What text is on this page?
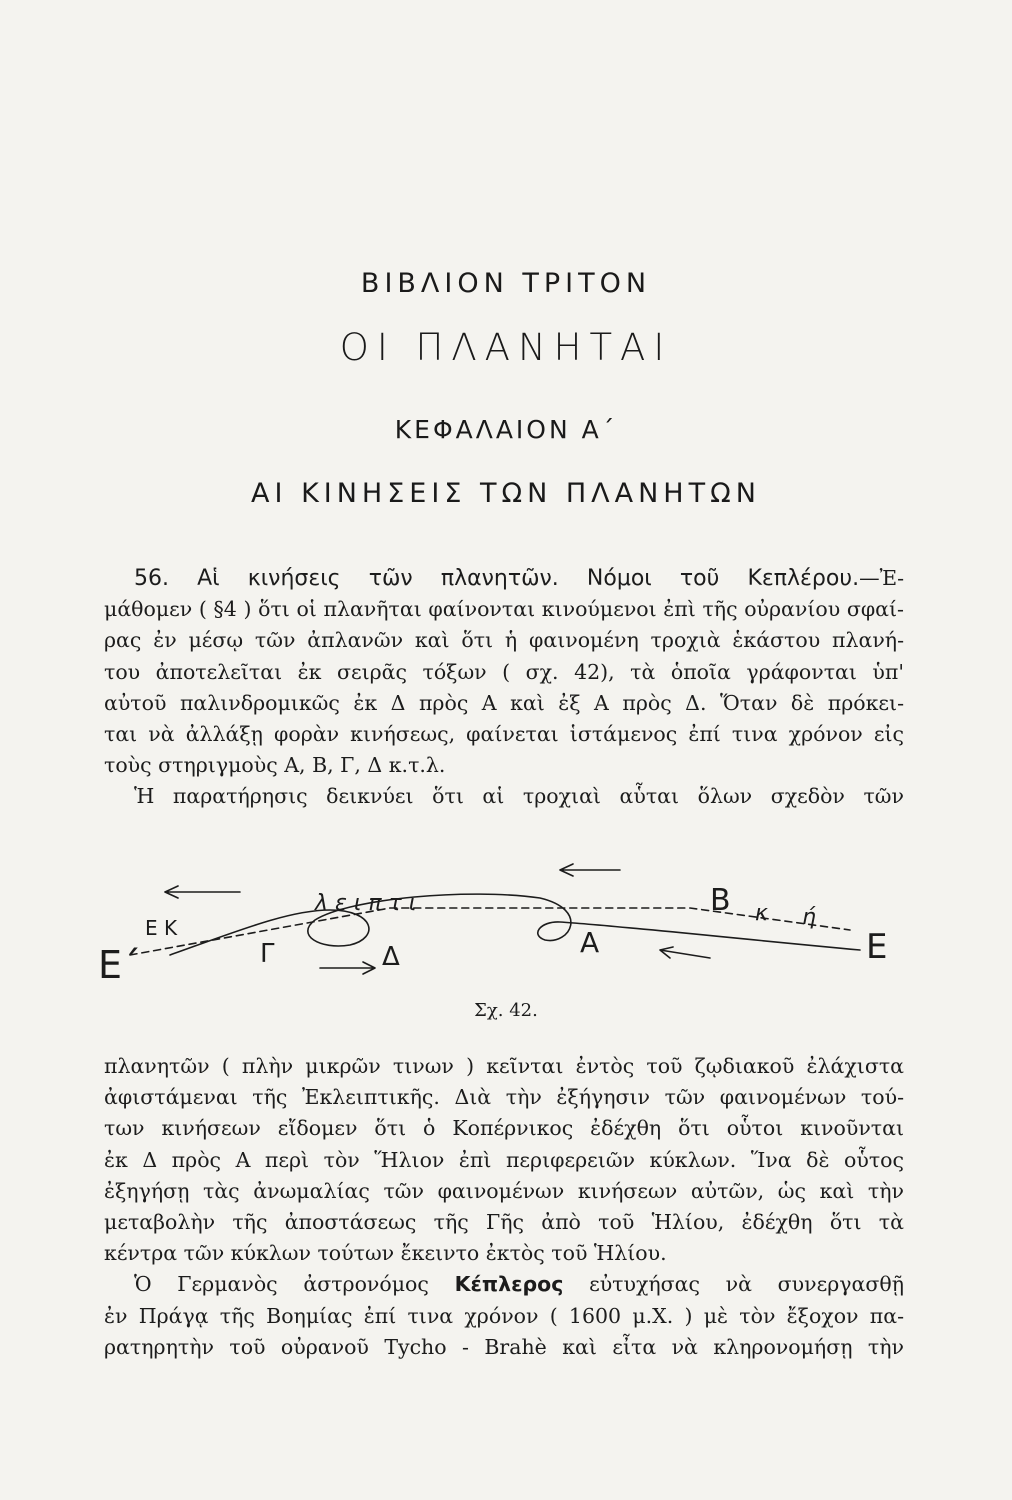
ΒΙΒΛΙΟΝ ΤΡΙΤΟΝ
ΟΙ ΠΛΑΝΗΤΑΙ
ΚΕΦΑΛΑΙΟΝ Α΄
ΑΙ ΚΙΝΗΣΕΙΣ ΤΩΝ ΠΛΑΝΗΤΩΝ
56. Αἱ κινήσεις τῶν πλανητῶν. Νόμοι τοῦ Κεπλέρου.—Ἐ-
μάθομεν ( §4 ) ὅτι οἱ πλανῆται φαίνονται κινούμενοι ἐπὶ τῆς οὐρανίου σφαί-
ρας ἐν μέσῳ τῶν ἀπλανῶν καὶ ὅτι ἡ φαινομένη τροχιὰ ἑκάστου πλανή-
του ἀποτελεῖται ἐκ σειρᾶς τόξων ( σχ. 42), τὰ ὁποῖα γράφονται ὑπ'
αὐτοῦ παλινδρομικῶς ἐκ Δ πρὸς Α καὶ ἐξ Α πρὸς Δ. Ὅταν δὲ πρόκει-
ται νὰ ἀλλάξῃ φορὰν κινήσεως, φαίνεται ἱστάμενος ἐπί τινα χρόνον εἰς
τοὺς στηριγμοὺς Α, Β, Γ, Δ κ.τ.λ.
Ἡ παρατήρησις δεικνύει ὅτι αἱ τροχιαὶ αὗται ὅλων σχεδὸν τῶν
Ε΄
Ε Κ
λ ε ι π τ ι
Γ	Δ	Α
Β κ ή
Ε
Σχ. 42.
πλανητῶν ( πλὴν μικρῶν τινων ) κεῖνται ἐντὸς τοῦ ζῳδιακοῦ ἐλάχιστα
ἀφιστάμεναι τῆς Ἐκλειπτικῆς. Διὰ τὴν ἐξήγησιν τῶν φαινομένων τού-
των κινήσεων εἴδομεν ὅτι ὁ Κοπέρνικος ἐδέχθη ὅτι οὗτοι κινοῦνται
ἐκ Δ πρὸς Α περὶ τὸν Ἥλιον ἐπὶ περιφερειῶν κύκλων. Ἵνα δὲ οὗτος
ἐξηγήσῃ τὰς ἀνωμαλίας τῶν φαινομένων κινήσεων αὐτῶν, ὡς καὶ τὴν
μεταβολὴν τῆς ἀποστάσεως τῆς Γῆς ἀπὸ τοῦ Ἡλίου, ἐδέχθη ὅτι τὰ
κέντρα τῶν κύκλων τούτων ἔκειντο ἐκτὸς τοῦ Ἡλίου.
Ὁ Γερμανὸς ἀστρονόμος Κέπλερος εὐτυχήσας νὰ συνεργασθῇ
ἐν Πράγᾳ τῆς Βοημίας ἐπί τινα χρόνον ( 1600 μ.Χ. ) μὲ τὸν ἔξοχον πα-
ρατηρητὴν τοῦ οὐρανοῦ Tycho - Brahè καὶ εἶτα νὰ κληρονομήσῃ τὴν
